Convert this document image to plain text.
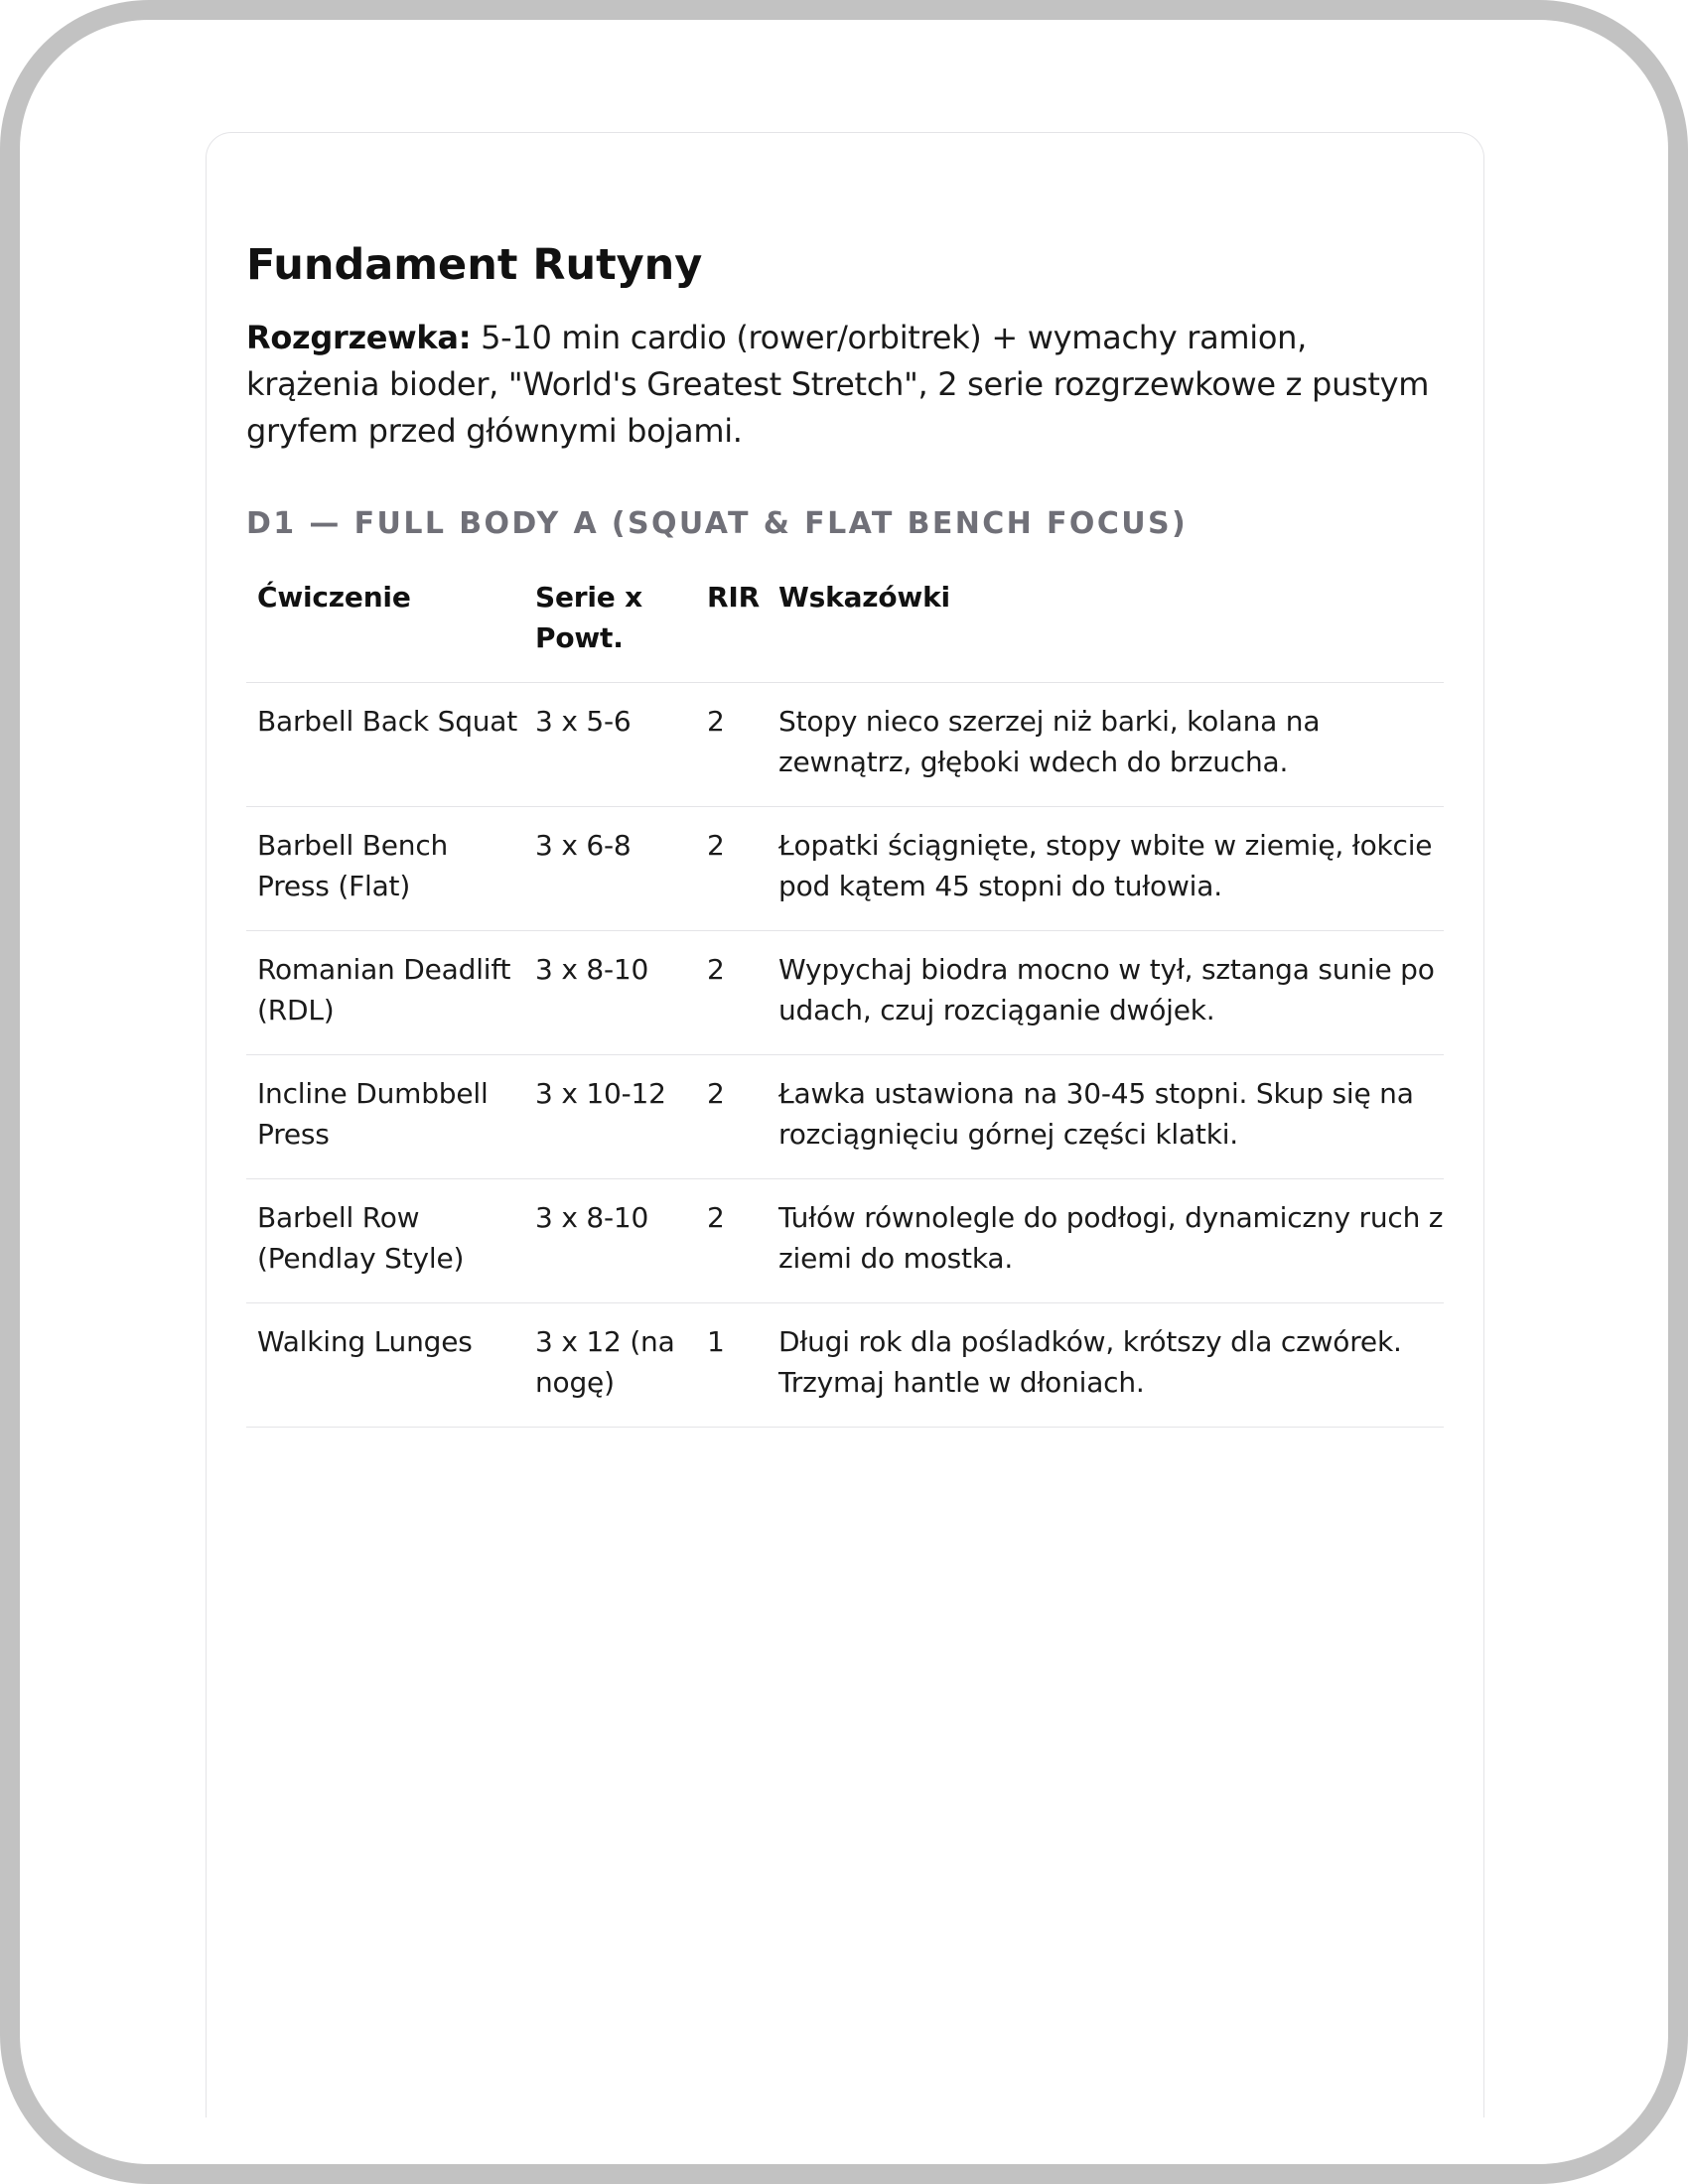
Fundament Rutyny

Rozgrzewka: 5-10 min cardio (rower/orbitrek) + wymachy ramion, krążenia bioder, "World's Greatest Stretch", 2 serie rozgrzewkowe z pustym gryfem przed głównymi bojami.

D1 — FULL BODY A (SQUAT & FLAT BENCH FOCUS)
Ćwiczenie	Serie x Powt.	RIR	Wskazówki
Barbell Back Squat	3 x 5-6	2	Stopy nieco szerzej niż barki, kolana na zewnątrz, głęboki wdech do brzucha.
Barbell Bench Press (Flat)	3 x 6-8	2	Łopatki ściągnięte, stopy wbite w ziemię, łokcie pod kątem 45 stopni do tułowia.
Romanian Deadlift (RDL)	3 x 8-10	2	Wypychaj biodra mocno w tył, sztanga sunie po udach, czuj rozciąganie dwójek.
Incline Dumbbell Press	3 x 10-12	2	Ławka ustawiona na 30-45 stopni. Skup się na rozciągnięciu górnej części klatki.
Barbell Row (Pendlay Style)	3 x 8-10	2	Tułów równolegle do podłogi, dynamiczny ruch z ziemi do mostka.
Walking Lunges	3 x 12 (na nogę)	1	Długi rok dla pośladków, krótszy dla czwórek. Trzymaj hantle w dłoniach.
